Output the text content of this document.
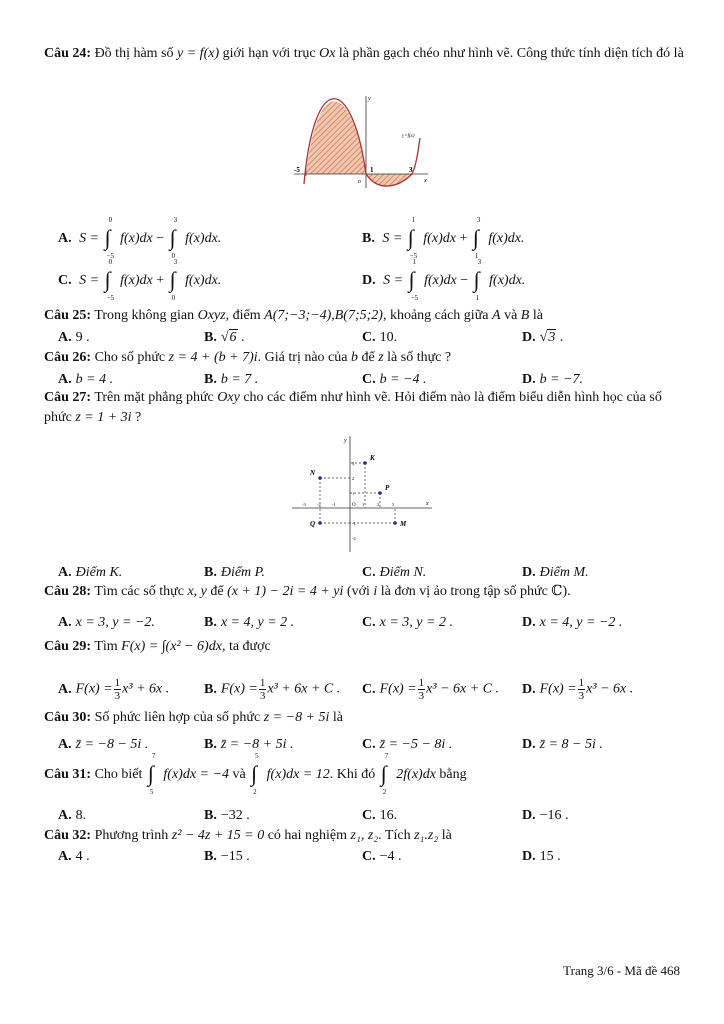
Câu 24: Đồ thị hàm số y = f(x) giới hạn với trục Ox là phần gạch chéo như hình vẽ. Công thức tính diện tích đó là
y
x
y=f(x)
o
-5	1	3
A. S =
0
∫
−5
f(x)dx −
3
∫
0
f(x)dx.	B. S =
1
∫
−5
f(x)dx +
3
∫
1
f(x)dx.
C. S =
0
∫
−5
f(x)dx +
3
∫
0
f(x)dx.	D. S =
1
∫
−5
f(x)dx −
3
∫
1
f(x)dx.
Câu 25: Trong không gian Oxyz, điểm A(7;−3;−4),B(7;5;2), khoảng cách giữa A và B là
A. 9 .	B. √6 .	C. 10.	D. √3 .
Câu 26: Cho số phức z = 4 + (b + 7)i. Giá trị nào của b để z là số thực ?
A. b = 4 .	B. b = 7 .	C. b = −4 .	D. b = −7.
Câu 27: Trên mặt phẳng phức Oxy cho các điểm như hình vẽ. Hỏi điểm nào là điểm biểu diễn hình học của số phức z = 1 + 3i ?
y
x
O
-3	-2	-1	1	2	3
3
2
1
-1
-2
K
P
N
Q	M
A. Điểm K.	B. Điểm P.	C. Điểm N.	D. Điểm M.
Câu 28: Tìm các số thực x, y để (x + 1) − 2i = 4 + yi (với i là đơn vị ảo trong tập số phức ℂ).
A. x = 3, y = −2.	B. x = 4, y = 2 .	C. x = 3, y = 2 .	D. x = 4, y = −2 .
Câu 29: Tìm F(x) = ∫(x² − 6)dx, ta được
A. $F(x) = \frac{1}{3} x^3 + 6x$ . B. $F(x) = \frac{1}{3} x^3 + 6x + C$ . C. $F(x) = \frac{1}{3} x^3 - 6x + C$ . D. $F(x) = \frac{1}{3} x^3 - 6x$ .
Câu 30: Số phức liên hợp của số phức z = −8 + 5i là
A. z̄ = −8 − 5i .	B. z̄ = −8 + 5i .	C. z̄ = −5 − 8i .	D. z̄ = 8 − 5i .
Câu 31: Cho biết
7
∫
5
f(x)dx = −4 và
5
∫
2
f(x)dx = 12. Khi đó
7
∫
2
2f(x)dx bằng
A. 8.	B. −32 .	C. 16.	D. −16 .
Câu 32: Phương trình z² − 4z + 15 = 0 có hai nghiệm z₁, z₂. Tích z₁.z₂ là
A. 4 .	B. −15 .	C. −4 .	D. 15 .
Trang 3/6 - Mã đề 468
